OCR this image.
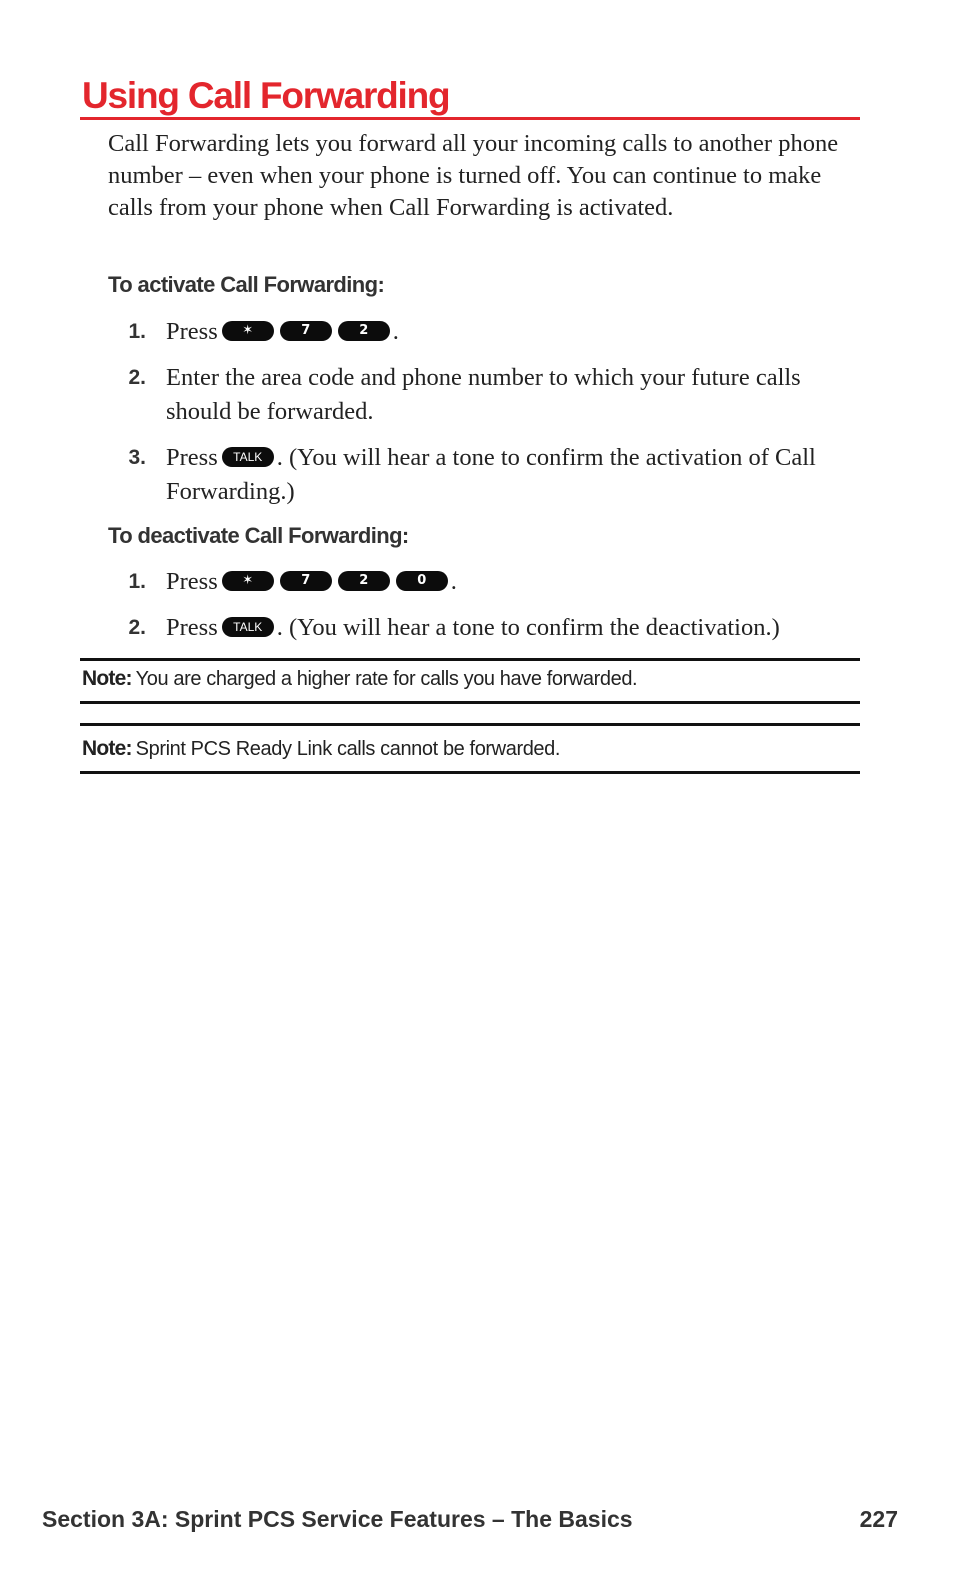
Using Call Forwarding

Call Forwarding lets you forward all your incoming calls to another phone number – even when your phone is turned off. You can continue to make calls from your phone when Call Forwarding is activated.

To activate Call Forwarding:
1. Press ✶	7	2 .
2. Enter the area code and phone number to which your future calls should be forwarded.
3. Press TALK . (You will hear a tone to confirm the activation of Call Forwarding.)
To deactivate Call Forwarding:
1. Press ✶	7	2	0 .
2. Press TALK . (You will hear a tone to confirm the deactivation.)

Note: You are charged a higher rate for calls you have forwarded.

Note: Sprint PCS Ready Link calls cannot be forwarded.

Section 3A: Sprint PCS Service Features – The Basics	227
